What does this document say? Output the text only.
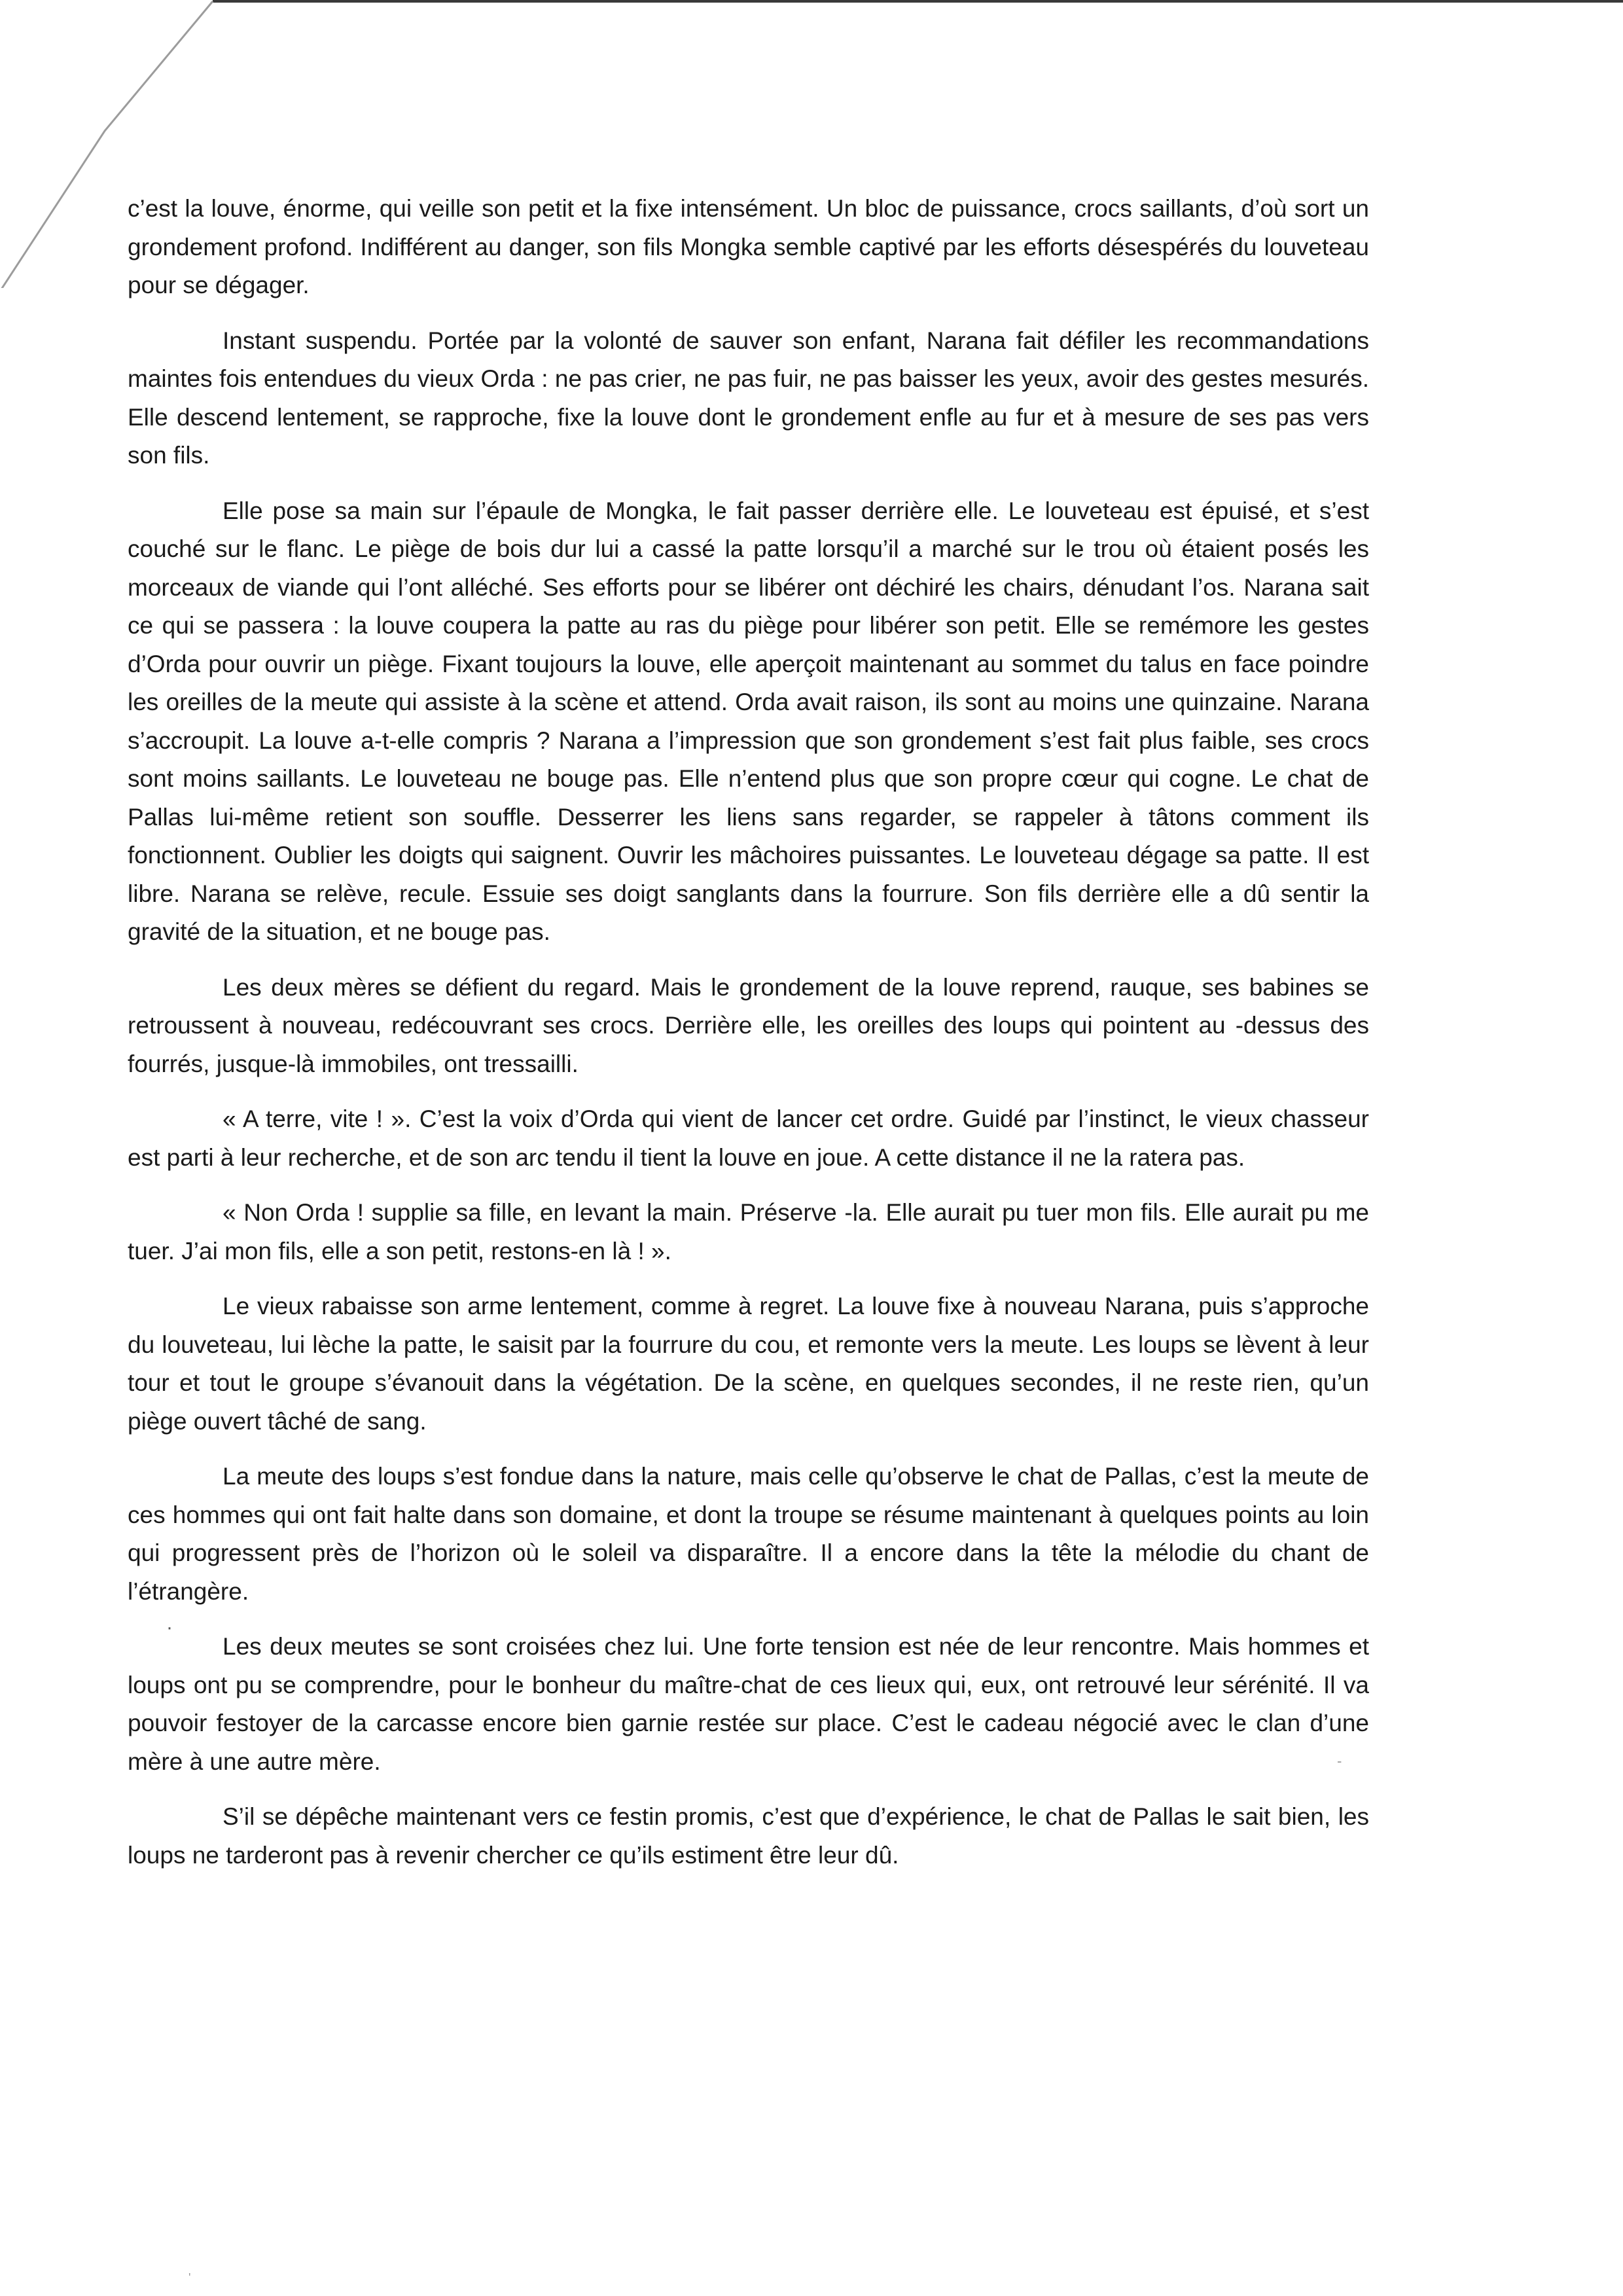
c’est la louve, énorme, qui veille son petit et la fixe intensément. Un bloc de puissance, crocs saillants, d’où sort un grondement profond. Indifférent au danger, son fils Mongka semble captivé par les efforts désespérés du louveteau pour se dégager.

Instant suspendu. Portée par la volonté de sauver son enfant, Narana fait défiler les recommandations maintes fois entendues du vieux Orda : ne pas crier, ne pas fuir, ne pas baisser les yeux, avoir des gestes mesurés. Elle descend lentement, se rapproche, fixe la louve dont le grondement enfle au fur et à mesure de ses pas vers son fils.

Elle pose sa main sur l’épaule de Mongka, le fait passer derrière elle. Le louveteau est épuisé, et s’est couché sur le flanc. Le piège de bois dur lui a cassé la patte lorsqu’il a marché sur le trou où étaient posés les morceaux de viande qui l’ont alléché. Ses efforts pour se libérer ont déchiré les chairs, dénudant l’os. Narana sait ce qui se passera : la louve coupera la patte au ras du piège pour libérer son petit. Elle se remémore les gestes d’Orda pour ouvrir un piège. Fixant toujours la louve, elle aperçoit maintenant au sommet du talus en face poindre les oreilles de la meute qui assiste à la scène et attend. Orda avait raison, ils sont au moins une quinzaine. Narana s’accroupit. La louve a-t-elle compris ? Narana a l’impression que son grondement s’est fait plus faible, ses crocs sont moins saillants. Le louveteau ne bouge pas. Elle n’entend plus que son propre cœur qui cogne. Le chat de Pallas lui-même retient son souffle. Desserrer les liens sans regarder, se rappeler à tâtons comment ils fonctionnent. Oublier les doigts qui saignent. Ouvrir les mâchoires puissantes. Le louveteau dégage sa patte. Il est libre. Narana se relève, recule. Essuie ses doigt sanglants dans la fourrure. Son fils derrière elle a dû sentir la gravité de la situation, et ne bouge pas.

Les deux mères se défient du regard. Mais le grondement de la louve reprend, rauque, ses babines se retroussent à nouveau, redécouvrant ses crocs. Derrière elle, les oreilles des loups qui pointent au -dessus des fourrés, jusque-là immobiles, ont tressailli.

« A terre, vite ! ». C’est la voix d’Orda qui vient de lancer cet ordre. Guidé par l’instinct, le vieux chasseur est parti à leur recherche, et de son arc tendu il tient la louve en joue. A cette distance il ne la ratera pas.

« Non Orda ! supplie sa fille, en levant la main. Préserve -la. Elle aurait pu tuer mon fils. Elle aurait pu me tuer. J’ai mon fils, elle a son petit, restons-en là ! ».

Le vieux rabaisse son arme lentement, comme à regret. La louve fixe à nouveau Narana, puis s’approche du louveteau, lui lèche la patte, le saisit par la fourrure du cou, et remonte vers la meute. Les loups se lèvent à leur tour et tout le groupe s’évanouit dans la végétation. De la scène, en quelques secondes, il ne reste rien, qu’un piège ouvert tâché de sang.

La meute des loups s’est fondue dans la nature, mais celle qu’observe le chat de Pallas, c’est la meute de ces hommes qui ont fait halte dans son domaine, et dont la troupe se résume maintenant à quelques points au loin qui progressent près de l’horizon où le soleil va disparaître. Il a encore dans la tête la mélodie du chant de l’étrangère.

Les deux meutes se sont croisées chez lui. Une forte tension est née de leur rencontre. Mais hommes et loups ont pu se comprendre, pour le bonheur du maître-chat de ces lieux qui, eux, ont retrouvé leur sérénité. Il va pouvoir festoyer de la carcasse encore bien garnie restée sur place. C’est le cadeau négocié avec le clan d’une mère à une autre mère.

S’il se dépêche maintenant vers ce festin promis, c’est que d’expérience, le chat de Pallas le sait bien, les loups ne tarderont pas à revenir chercher ce qu’ils estiment être leur dû.

·
-
'
